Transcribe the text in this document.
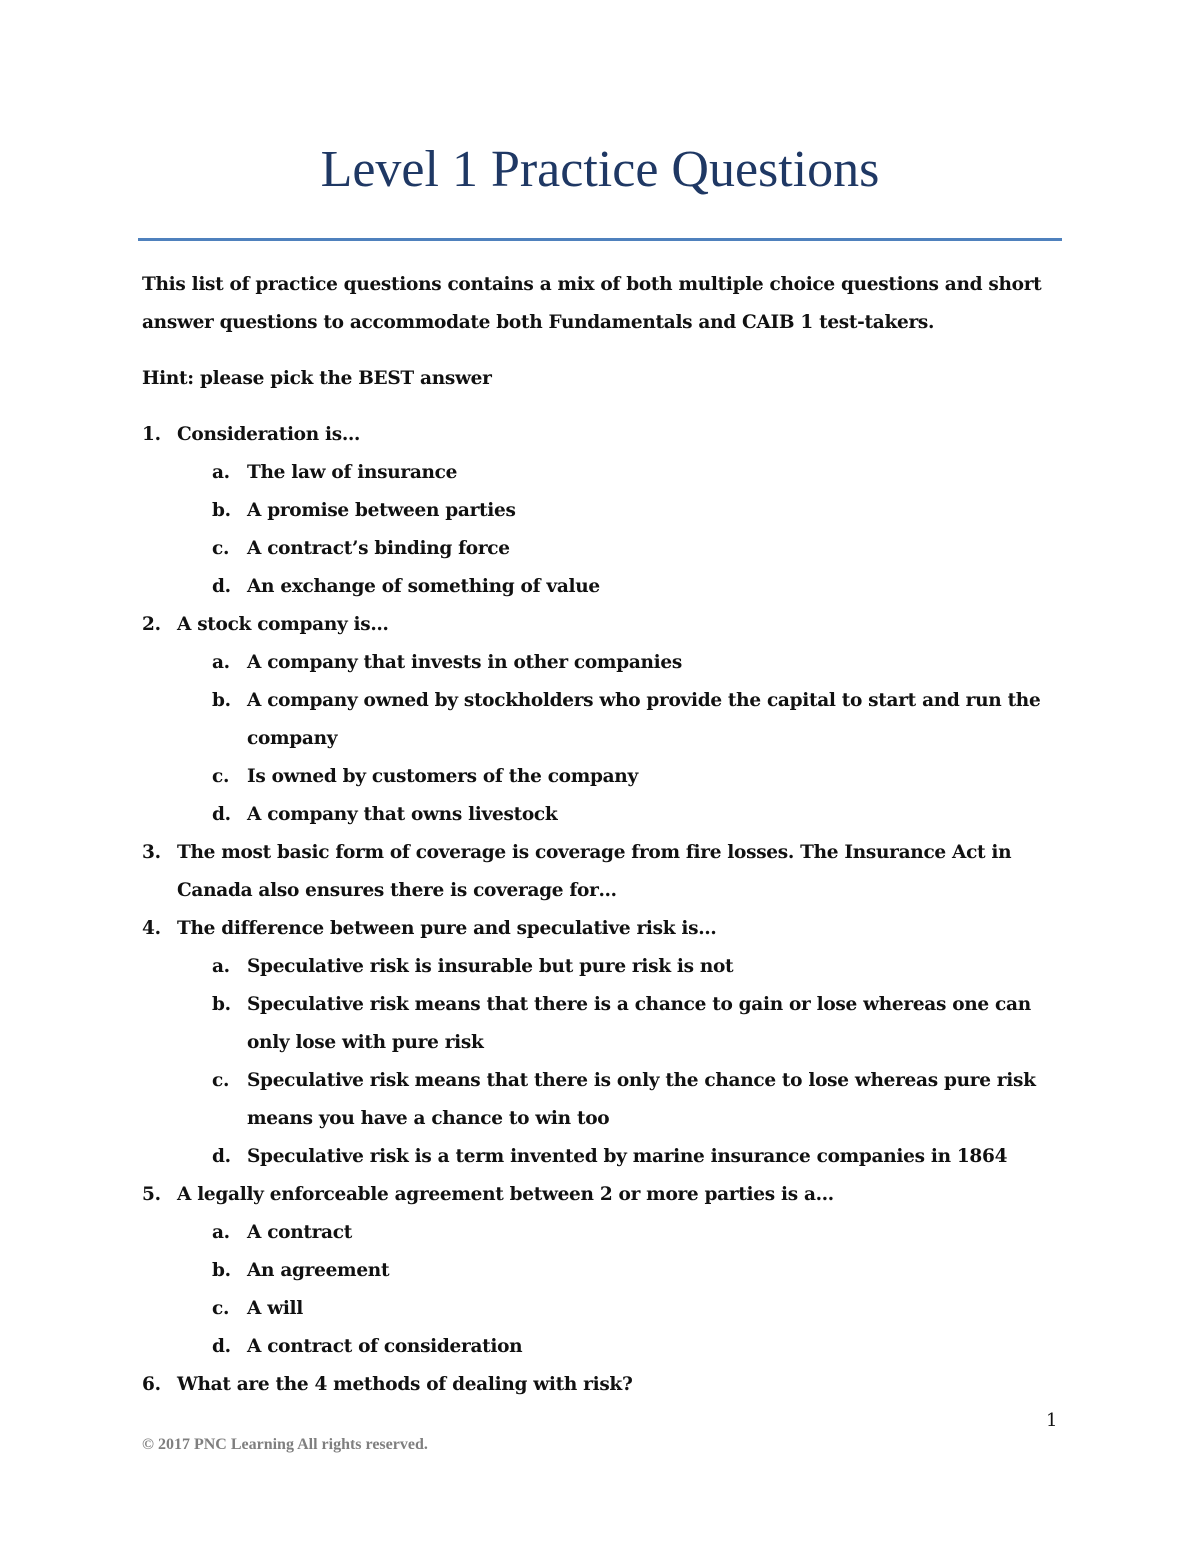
Level 1 Practice Questions

This list of practice questions contains a mix of both multiple choice questions and short answer questions to accommodate both Fundamentals and CAIB 1 test-takers.

Hint: please pick the BEST answer

1. Consideration is…
a. The law of insurance
b. A promise between parties
c. A contract’s binding force
d. An exchange of something of value
2. A stock company is…
a. A company that invests in other companies
b. A company owned by stockholders who provide the capital to start and run the company
c. Is owned by customers of the company
d. A company that owns livestock
3. The most basic form of coverage is coverage from fire losses. The Insurance Act in Canada also ensures there is coverage for…
4. The difference between pure and speculative risk is…
a. Speculative risk is insurable but pure risk is not
b. Speculative risk means that there is a chance to gain or lose whereas one can only lose with pure risk
c. Speculative risk means that there is only the chance to lose whereas pure risk means you have a chance to win too
d. Speculative risk is a term invented by marine insurance companies in 1864
5. A legally enforceable agreement between 2 or more parties is a…
a. A contract
b. An agreement
c. A will
d. A contract of consideration
6. What are the 4 methods of dealing with risk?
1
© 2017 PNC Learning All rights reserved.
